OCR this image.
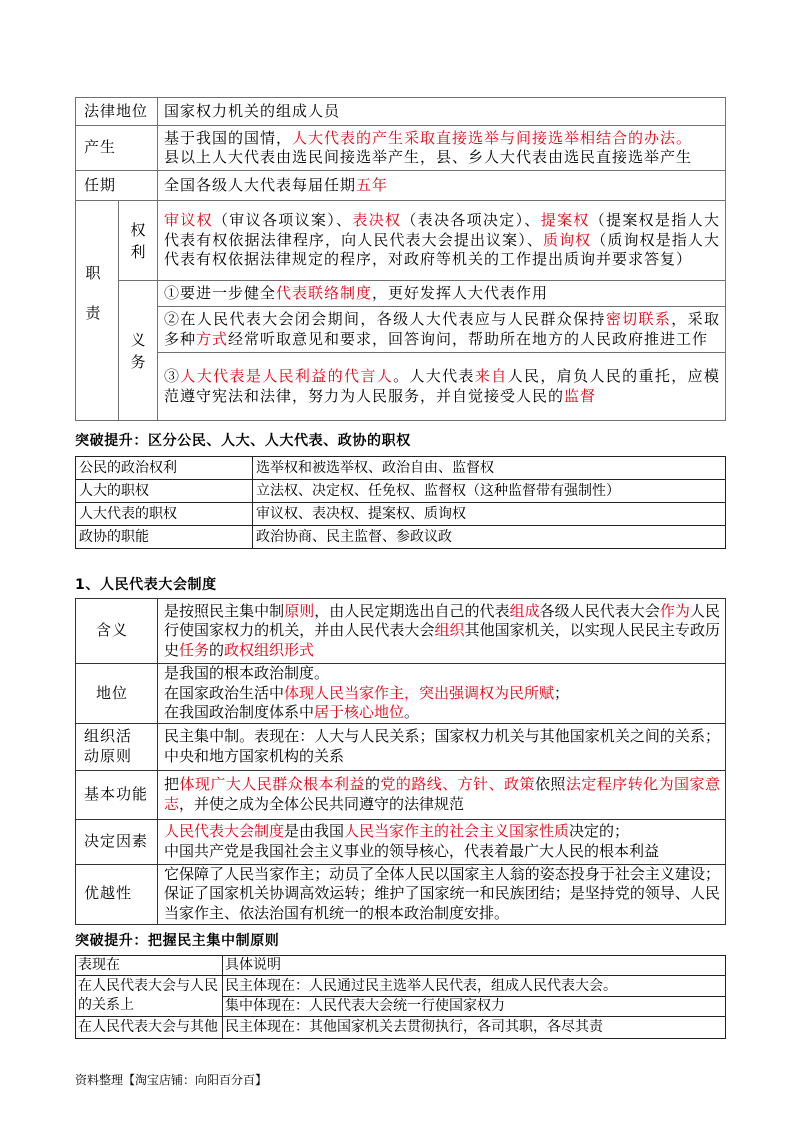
法律地位		国家权力机关的组成人员

产生		基于我国的国情，人大代表的产生采取直接选举与间接选举相结合的办法。
县以上人大代表由选民间接选举产生，县、乡人大代表由选民直接选举产生

任期		全国各级人大代表每届任期五年

职责	权利	审议权（审议各项议案）、表决权（表决各项决定）、提案权（提案权是指人大代表有权依据法律程序，向人民代表大会提出议案）、质询权（质询权是指人大代表有权依据法律规定的程序，对政府等机关的工作提出质询并要求答复）

	义务	①要进一步健全代表联络制度，更好发挥人大代表作用

		②在人民代表大会闭会期间，各级人大代表应与人民群众保持密切联系，采取多种方式经常听取意见和要求，回答询问，帮助所在地方的人民政府推进工作

		③人大代表是人民利益的代言人。人大代表来自人民，肩负人民的重托，应模范遵守宪法和法律，努力为人民服务，并自觉接受人民的监督
突破提升：区分公民、人大、人大代表、政协的职权
公民的政治权利	选举权和被选举权、政治自由、监督权
人大的职权	立法权、决定权、任免权、监督权（这种监督带有强制性）
人大代表的职权	审议权、表决权、提案权、质询权
政协的职能	政治协商、民主监督、参政议政
1、人民代表大会制度
含义	是按照民主集中制原则，由人民定期选出自己的代表组成各级人民代表大会作为人民行使国家权力的机关，并由人民代表大会组织其他国家机关，以实现人民民主专政历史任务的政权组织形式

地位	是我国的根本政治制度。
在国家政治生活中体现人民当家作主，突出强调权为民所赋；
在我国政治制度体系中居于核心地位。

组织活动原则	民主集中制。表现在：人大与人民关系；国家权力机关与其他国家机关之间的关系；中央和地方国家机构的关系

基本功能	把体现广大人民群众根本利益的党的路线、方针、政策依照法定程序转化为国家意志，并使之成为全体公民共同遵守的法律规范

决定因素	人民代表大会制度是由我国人民当家作主的社会主义国家性质决定的；
中国共产党是我国社会主义事业的领导核心，代表着最广大人民的根本利益

优越性	它保障了人民当家作主；动员了全体人民以国家主人翁的姿态投身于社会主义建设；保证了国家机关协调高效运转；维护了国家统一和民族团结；是坚持党的领导、人民当家作主、依法治国有机统一的根本政治制度安排。
突破提升：把握民主集中制原则
表现在	具体说明
在人民代表大会与人民的关系上	民主体现在：人民通过民主选举人民代表，组成人民代表大会。
	集中体现在：人民代表大会统一行使国家权力
在人民代表大会与其他	民主体现在：其他国家机关去贯彻执行，各司其职，各尽其责
资料整理【淘宝店铺：向阳百分百】
